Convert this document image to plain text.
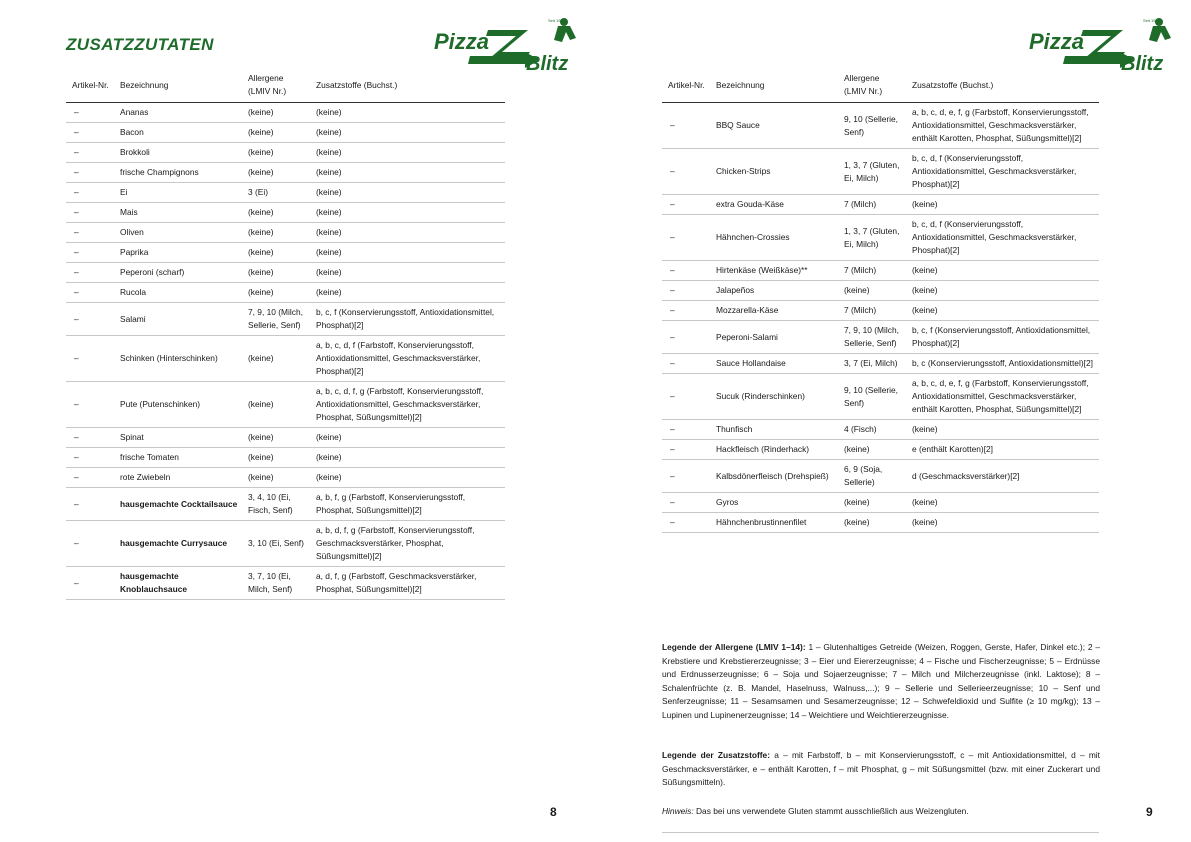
ZUSATZZUTATEN	Pizza
Blitz
Seit 1988
Artikel-Nr.	Bezeichnung	Allergene (LMIV Nr.)	Zusatzstoffe (Buchst.)
–	Ananas	(keine)	(keine)
–	Bacon	(keine)	(keine)
–	Brokkoli	(keine)	(keine)
–	frische Champignons	(keine)	(keine)
–	Ei	3 (Ei)	(keine)
–	Mais	(keine)	(keine)
–	Oliven	(keine)	(keine)
–	Paprika	(keine)	(keine)
–	Peperoni (scharf)	(keine)	(keine)
–	Rucola	(keine)	(keine)
–	Salami	7, 9, 10 (Milch, Sellerie, Senf)	b, c, f (Konservierungsstoff, Antioxidationsmittel, Phosphat)[2]
–	Schinken (Hinterschinken)	(keine)	a, b, c, d, f (Farbstoff, Konservierungsstoff, Antioxidationsmittel, Geschmacksverstärker, Phosphat)[2]
–	Pute (Putenschinken)	(keine)	a, b, c, d, f, g (Farbstoff, Konservierungsstoff, Antioxidationsmittel, Geschmacksverstärker, Phosphat, Süßungsmittel)[2]
–	Spinat	(keine)	(keine)
–	frische Tomaten	(keine)	(keine)
–	rote Zwiebeln	(keine)	(keine)
–	hausgemachte Cocktailsauce	3, 4, 10 (Ei, Fisch, Senf)	a, b, f, g (Farbstoff, Konservierungsstoff, Phosphat, Süßungsmittel)[2]
–	hausgemachte Currysauce	3, 10 (Ei, Senf)	a, b, d, f, g (Farbstoff, Konservierungsstoff, Geschmacksverstärker, Phosphat, Süßungsmittel)[2]
–	hausgemachte Knoblauchsauce	3, 7, 10 (Ei, Milch, Senf)	a, d, f, g (Farbstoff, Geschmacksverstärker, Phosphat, Süßungsmittel)[2]
8
Pizza
Blitz
Seit 1988
Artikel-Nr.	Bezeichnung	Allergene (LMIV Nr.)	Zusatzstoffe (Buchst.)
–	BBQ Sauce	9, 10 (Sellerie, Senf)	a, b, c, d, e, f, g (Farbstoff, Konservierungsstoff, Antioxidationsmittel, Geschmacksverstärker, enthält Karotten, Phosphat, Süßungsmittel)[2]
–	Chicken-Strips	1, 3, 7 (Gluten, Ei, Milch)	b, c, d, f (Konservierungsstoff, Antioxidationsmittel, Geschmacksverstärker, Phosphat)[2]
–	extra Gouda-Käse	7 (Milch)	(keine)
–	Hähnchen-Crossies	1, 3, 7 (Gluten, Ei, Milch)	b, c, d, f (Konservierungsstoff, Antioxidationsmittel, Geschmacksverstärker, Phosphat)[2]
–	Hirtenkäse (Weißkäse)**	7 (Milch)	(keine)
–	Jalapeños	(keine)	(keine)
–	Mozzarella-Käse	7 (Milch)	(keine)
–	Peperoni-Salami	7, 9, 10 (Milch, Sellerie, Senf)	b, c, f (Konservierungsstoff, Antioxidationsmittel, Phosphat)[2]
–	Sauce Hollandaise	3, 7 (Ei, Milch)	b, c (Konservierungsstoff, Antioxidationsmittel)[2]
–	Sucuk (Rinderschinken)	9, 10 (Sellerie, Senf)	a, b, c, d, e, f, g (Farbstoff, Konservierungsstoff, Antioxidationsmittel, Geschmacksverstärker, enthält Karotten, Phosphat, Süßungsmittel)[2]
–	Thunfisch	4 (Fisch)	(keine)
–	Hackfleisch (Rinderhack)	(keine)	e (enthält Karotten)[2]
–	Kalbsdönerfleisch (Drehspieß)	6, 9 (Soja, Sellerie)	d (Geschmacksverstärker)[2]
–	Gyros	(keine)	(keine)
–	Hähnchenbrustinnenfilet	(keine)	(keine)
Legende der Allergene (LMIV 1–14): 1 – Glutenhaltiges Getreide (Weizen, Roggen, Gerste, Hafer, Dinkel etc.); 2 – Krebstiere und Krebstiererzeugnisse; 3 – Eier und Eiererzeugnisse; 4 – Fische und Fischerzeugnisse; 5 – Erdnüsse und Erdnusserzeugnisse; 6 – Soja und Sojaerzeugnisse; 7 – Milch und Milcherzeugnisse (inkl. Laktose); 8 – Schalenfrüchte (z. B. Mandel, Haselnuss, Walnuss,...); 9 – Sellerie und Sellerieerzeugnisse; 10 – Senf und Senferzeugnisse; 11 – Sesamsamen und Sesamerzeugnisse; 12 – Schwefeldioxid und Sulfite (≥ 10 mg/kg); 13 – Lupinen und Lupinenerzeugnisse; 14 – Weichtiere und Weichtiererzeugnisse.
Legende der Zusatzstoffe: a – mit Farbstoff, b – mit Konservierungsstoff, c – mit Antioxidationsmittel, d – mit Geschmacksverstärker, e – enthält Karotten, f – mit Phosphat, g – mit Süßungsmittel (bzw. mit einer Zuckerart und Süßungsmitteln).
Hinweis: Das bei uns verwendete Gluten stammt ausschließlich aus Weizengluten.	9
